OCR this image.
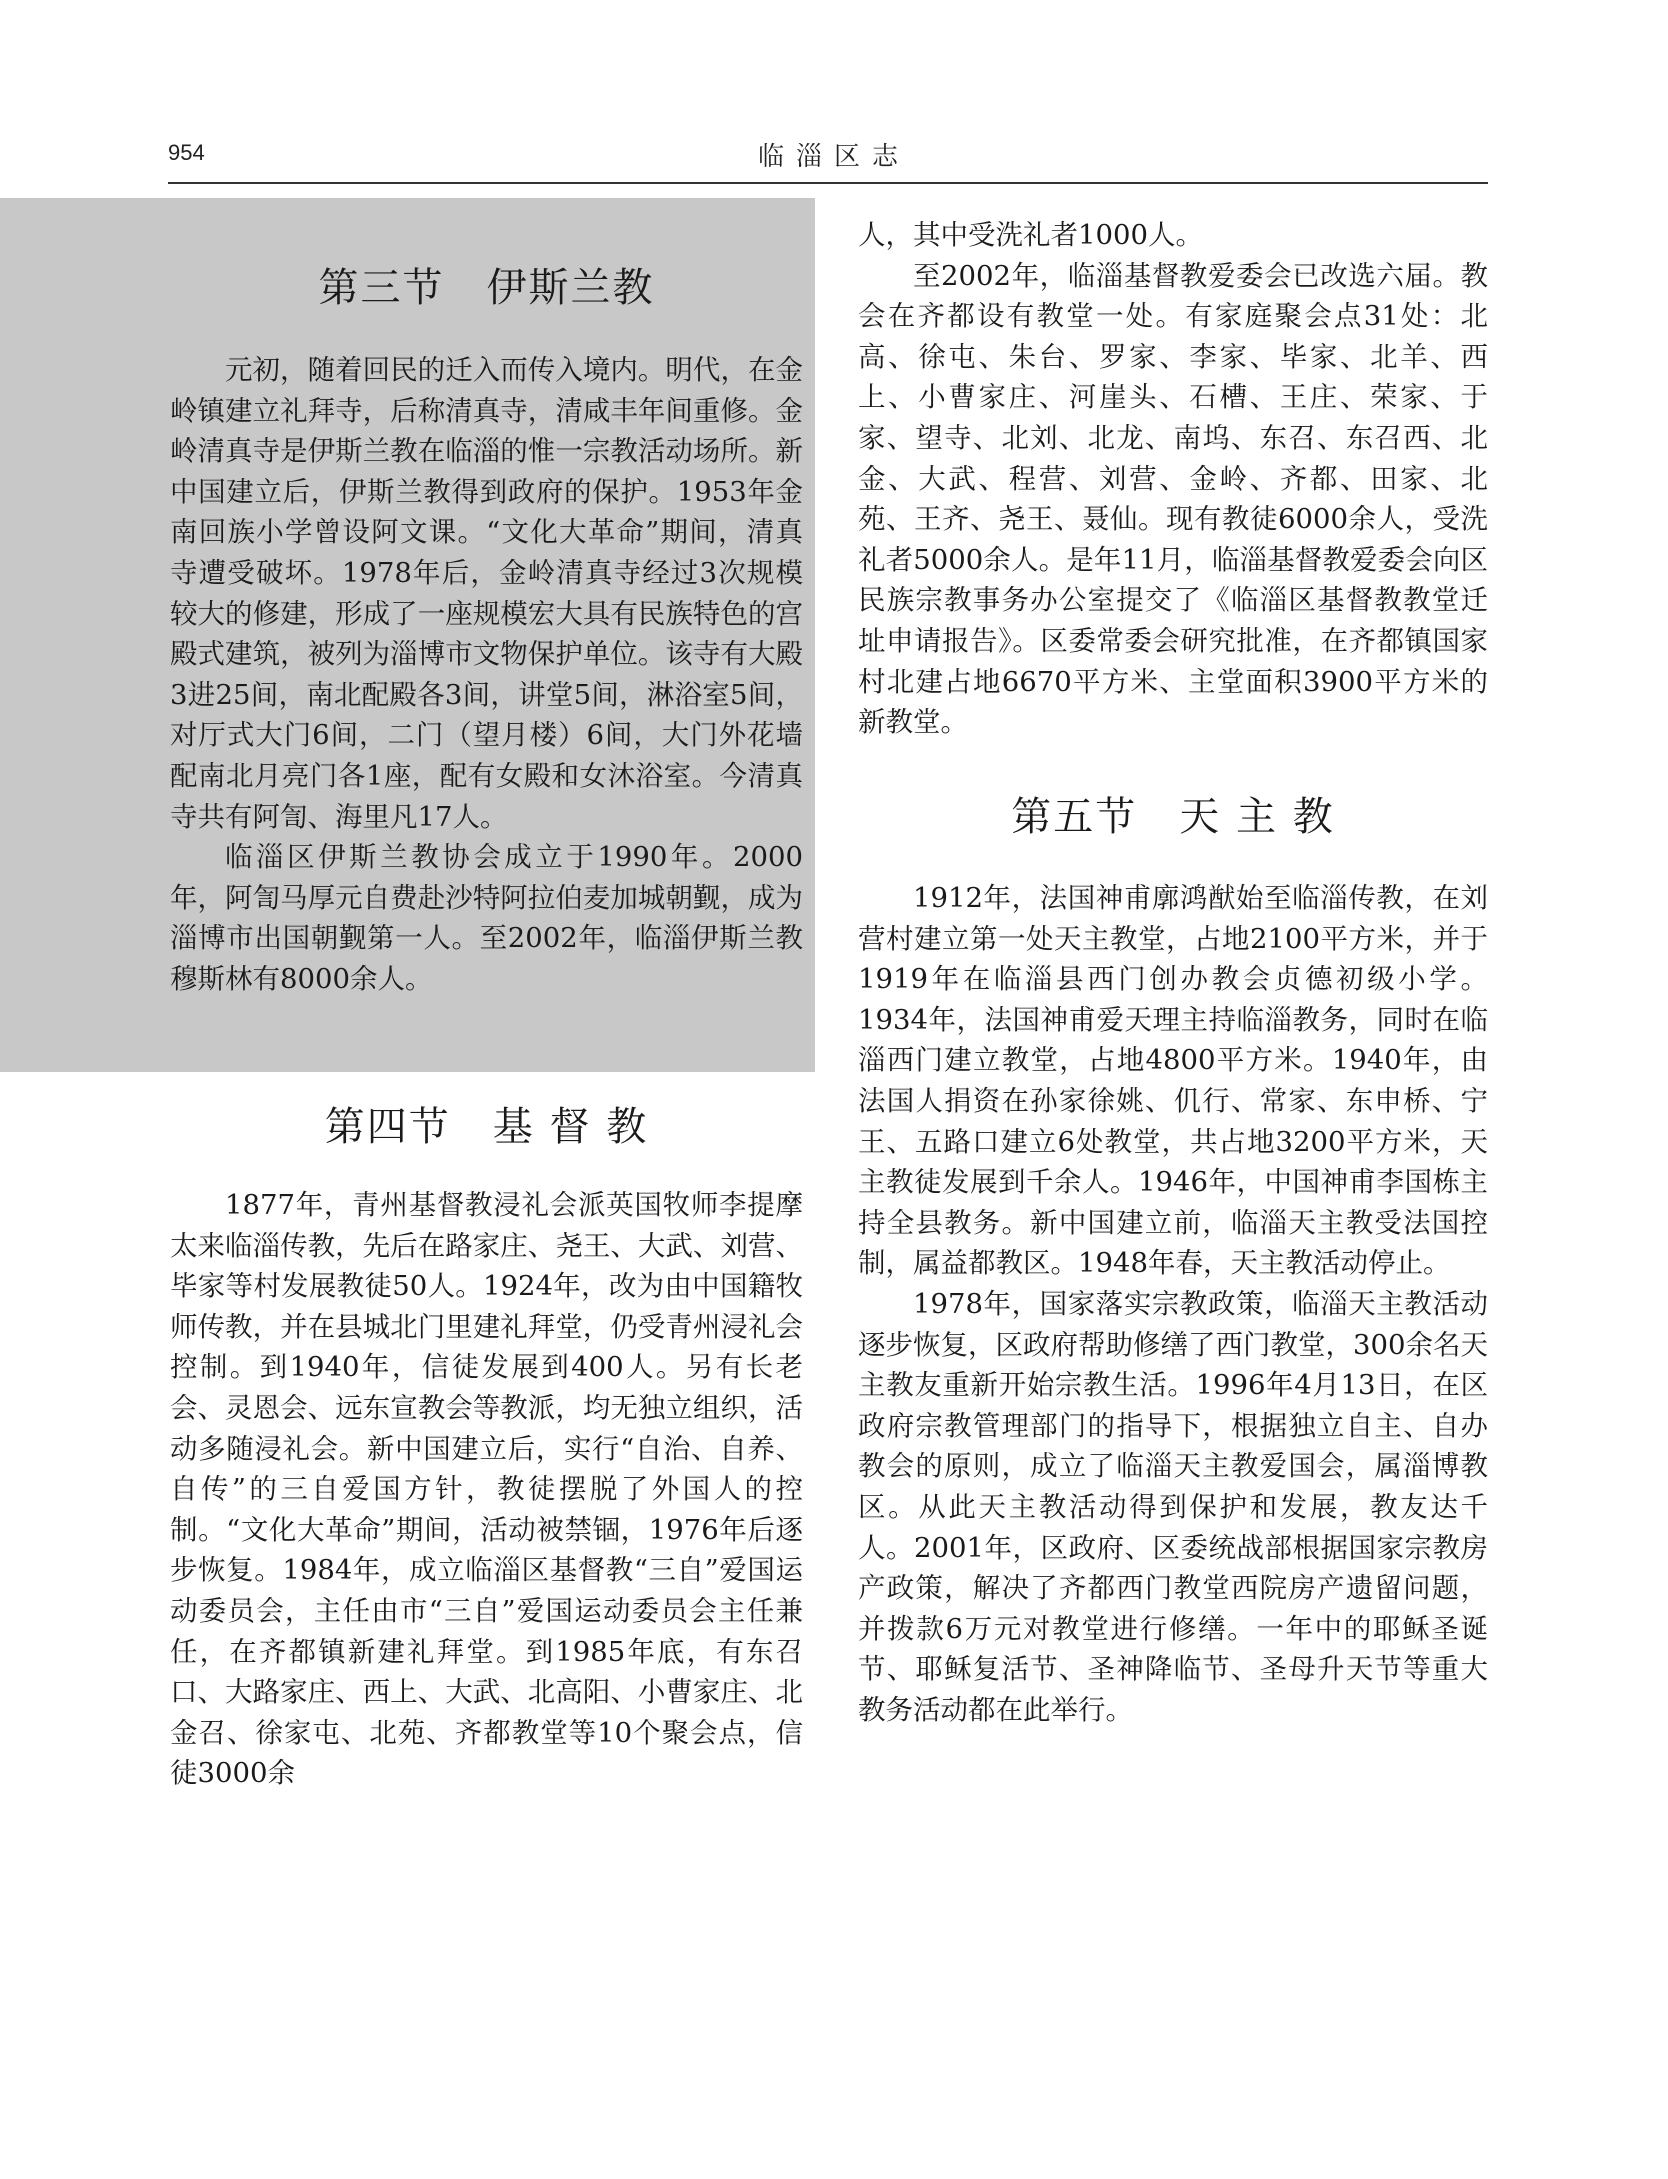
954	临淄区志
第三节　伊斯兰教

元初，随着回民的迁入而传入境内。明代，在金岭镇建立礼拜寺，后称清真寺，清咸丰年间重修。金岭清真寺是伊斯兰教在临淄的惟一宗教活动场所。新中国建立后，伊斯兰教得到政府的保护。1953年金南回族小学曾设阿文课。“文化大革命”期间，清真寺遭受破坏。1978年后，金岭清真寺经过3次规模较大的修建，形成了一座规模宏大具有民族特色的宫殿式建筑，被列为淄博市文物保护单位。该寺有大殿3进25间，南北配殿各3间，讲堂5间，淋浴室5间，对厅式大门6间，二门（望月楼）6间，大门外花墙配南北月亮门各1座，配有女殿和女沐浴室。今清真寺共有阿訇、海里凡17人。

临淄区伊斯兰教协会成立于1990年。2000年，阿訇马厚元自费赴沙特阿拉伯麦加城朝觐，成为淄博市出国朝觐第一人。至2002年，临淄伊斯兰教穆斯林有8000余人。

第四节　基 督 教

1877年，青州基督教浸礼会派英国牧师李提摩太来临淄传教，先后在路家庄、尧王、大武、刘营、毕家等村发展教徒50人。1924年，改为由中国籍牧师传教，并在县城北门里建礼拜堂，仍受青州浸礼会控制。到1940年，信徒发展到400人。另有长老会、灵恩会、远东宣教会等教派，均无独立组织，活动多随浸礼会。新中国建立后，实行“自治、自养、自传”的三自爱国方针，教徒摆脱了外国人的控制。“文化大革命”期间，活动被禁锢，1976年后逐步恢复。1984年，成立临淄区基督教“三自”爱国运动委员会，主任由市“三自”爱国运动委员会主任兼任，在齐都镇新建礼拜堂。到1985年底，有东召口、大路家庄、西上、大武、北高阳、小曹家庄、北金召、徐家屯、北苑、齐都教堂等10个聚会点，信徒3000余

人，其中受洗礼者1000人。

至2002年，临淄基督教爱委会已改选六届。教会在齐都设有教堂一处。有家庭聚会点31处：北高、徐屯、朱台、罗家、李家、毕家、北羊、西上、小曹家庄、河崖头、石槽、王庄、荣家、于家、望寺、北刘、北龙、南坞、东召、东召西、北金、大武、程营、刘营、金岭、齐都、田家、北苑、王齐、尧王、聂仙。现有教徒6000余人，受洗礼者5000余人。是年11月，临淄基督教爱委会向区民族宗教事务办公室提交了《临淄区基督教教堂迁址申请报告》。区委常委会研究批准，在齐都镇国家村北建占地6670平方米、主堂面积3900平方米的新教堂。

第五节　天 主 教

1912年，法国神甫廓鸿猷始至临淄传教，在刘营村建立第一处天主教堂，占地2100平方米，并于1919年在临淄县西门创办教会贞德初级小学。1934年，法国神甫爱天理主持临淄教务，同时在临淄西门建立教堂，占地4800平方米。1940年，由法国人捐资在孙家徐姚、仉行、常家、东申桥、宁王、五路口建立6处教堂，共占地3200平方米，天主教徒发展到千余人。1946年，中国神甫李国栋主持全县教务。新中国建立前，临淄天主教受法国控制，属益都教区。1948年春，天主教活动停止。

1978年，国家落实宗教政策，临淄天主教活动逐步恢复，区政府帮助修缮了西门教堂，300余名天主教友重新开始宗教生活。1996年4月13日，在区政府宗教管理部门的指导下，根据独立自主、自办教会的原则，成立了临淄天主教爱国会，属淄博教区。从此天主教活动得到保护和发展，教友达千人。2001年，区政府、区委统战部根据国家宗教房产政策，解决了齐都西门教堂西院房产遗留问题，并拨款6万元对教堂进行修缮。一年中的耶稣圣诞节、耶稣复活节、圣神降临节、圣母升天节等重大教务活动都在此举行。
